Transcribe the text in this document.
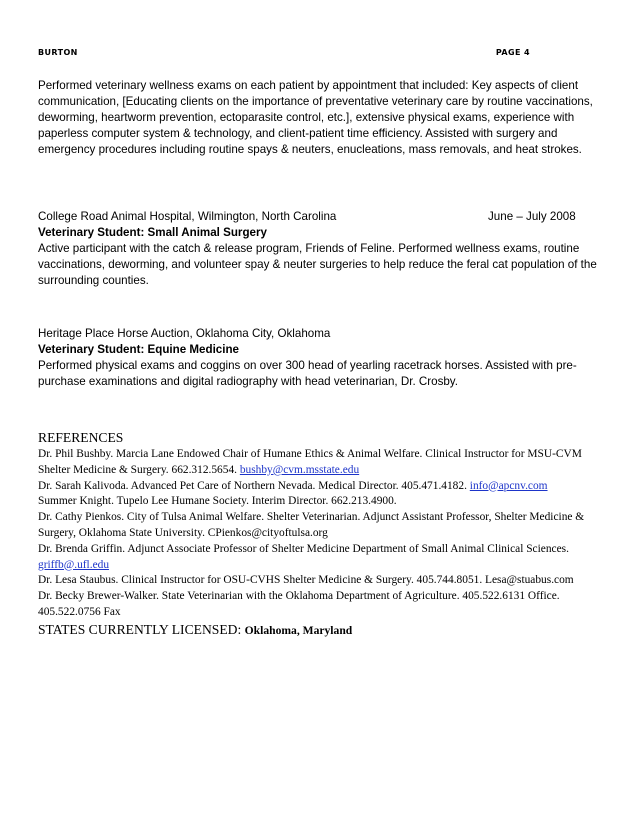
BURTON	PAGE 4
Performed veterinary wellness exams on each patient by appointment that included: Key aspects of client communication, [Educating clients on the importance of preventative veterinary care by routine vaccinations, deworming, heartworm prevention, ectoparasite control, etc.], extensive physical exams, experience with paperless computer system & technology, and client-patient time efficiency. Assisted with surgery and emergency procedures including routine spays & neuters, enucleations, mass removals, and heat strokes.
College Road Animal Hospital, Wilmington, North Carolina	June – July 2008
Veterinary Student: Small Animal Surgery
Active participant with the catch & release program, Friends of Feline. Performed wellness exams, routine vaccinations, deworming, and volunteer spay & neuter surgeries to help reduce the feral cat population of the surrounding counties.
Heritage Place Horse Auction, Oklahoma City, Oklahoma
Veterinary Student: Equine Medicine
Performed physical exams and coggins on over 300 head of yearling racetrack horses. Assisted with pre-purchase examinations and digital radiography with head veterinarian, Dr. Crosby.
REFERENCES
Dr. Phil Bushby. Marcia Lane Endowed Chair of Humane Ethics & Animal Welfare. Clinical Instructor for MSU-CVM Shelter Medicine & Surgery. 662.312.5654. bushby@cvm.msstate.edu
Dr. Sarah Kalivoda. Advanced Pet Care of Northern Nevada. Medical Director. 405.471.4182. info@apcnv.com
Summer Knight. Tupelo Lee Humane Society. Interim Director. 662.213.4900.
Dr. Cathy Pienkos. City of Tulsa Animal Welfare. Shelter Veterinarian. Adjunct Assistant Professor, Shelter Medicine & Surgery, Oklahoma State University. CPienkos@cityoftulsa.org
Dr. Brenda Griffin. Adjunct Associate Professor of Shelter Medicine Department of Small Animal Clinical Sciences. griffb@.ufl.edu
Dr. Lesa Staubus. Clinical Instructor for OSU-CVHS Shelter Medicine & Surgery. 405.744.8051. Lesa@stuabus.com
Dr. Becky Brewer-Walker. State Veterinarian with the Oklahoma Department of Agriculture. 405.522.6131 Office. 405.522.0756 Fax
STATES CURRENTLY LICENSED: Oklahoma, Maryland
